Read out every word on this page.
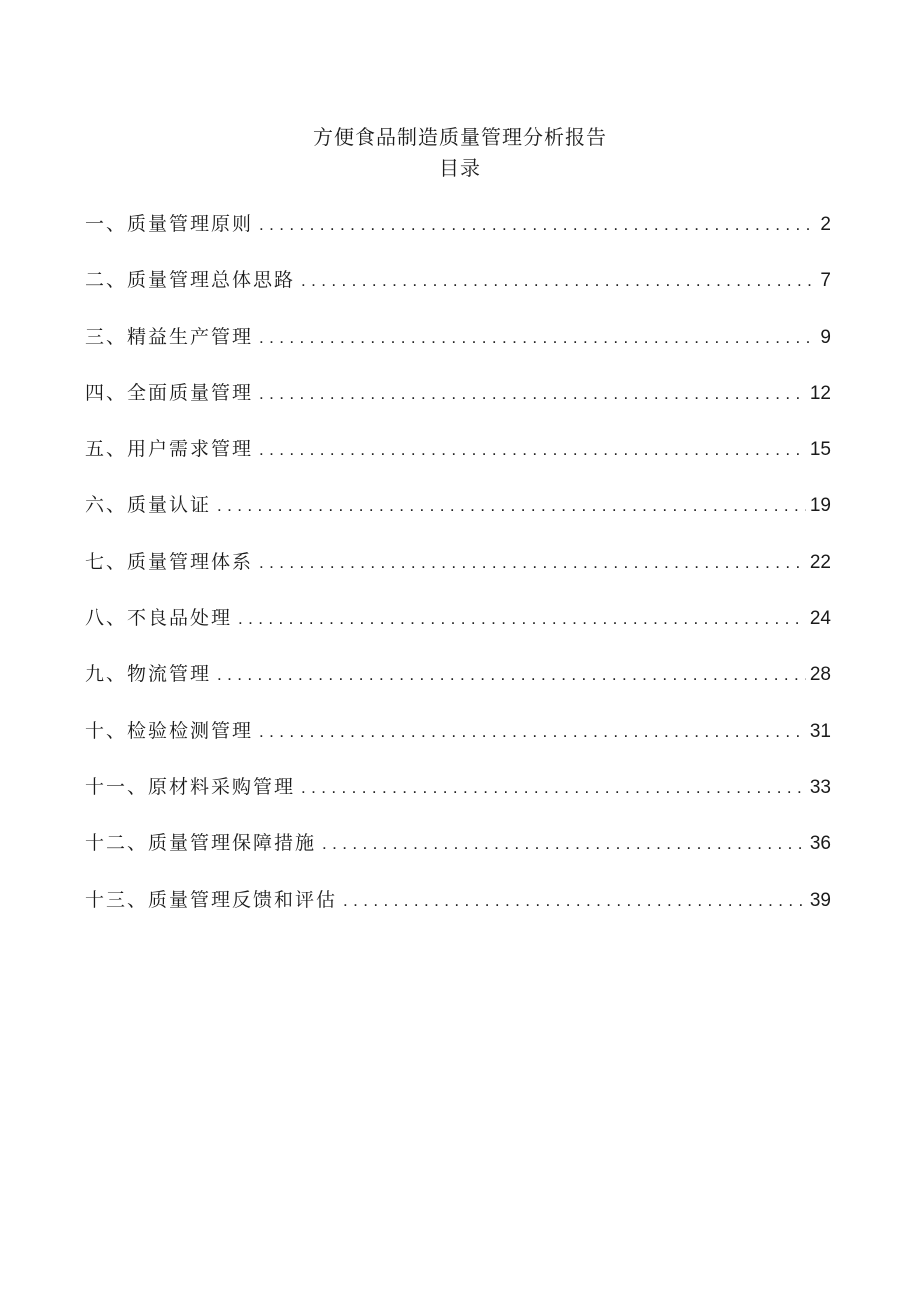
方便食品制造质量管理分析报告
目录
一、质量管理原则 .....	2
二、质量管理总体思路 .....	7
三、精益生产管理 .....	9
四、全面质量管理 .....	12
五、用户需求管理 .....	15
六、质量认证 .....	19
七、质量管理体系 .....	22
八、不良品处理 .....	24
九、物流管理 .....	28
十、检验检测管理 .....	31
十一、原材料采购管理 .....	33
十二、质量管理保障措施 .....	36
十三、质量管理反馈和评估 .....	39
